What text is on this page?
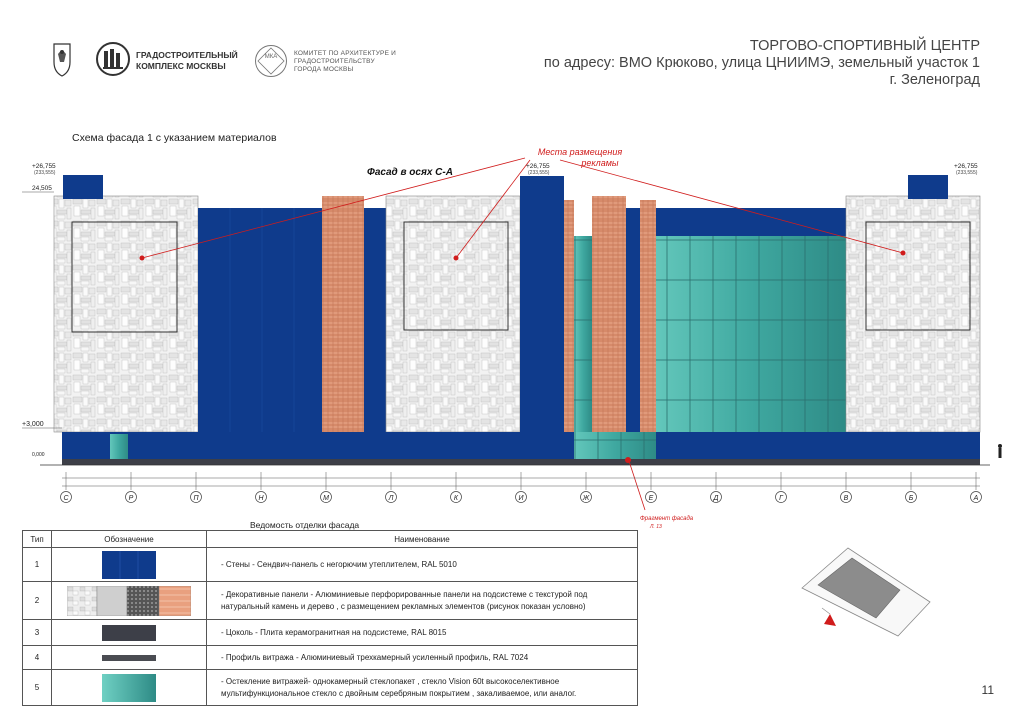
ГРАДОСТРОИТЕЛЬНЫЙ КОМПЛЕКС МОСКВЫ
МКА	КОМИТЕТ ПО АРХИТЕКТУРЕ И ГРАДОСТРОИТЕЛЬСТВУ ГОРОДА МОСКВЫ
ТОРГОВО-СПОРТИВНЫЙ ЦЕНТР
по адресу: ВМО Крюково, улица ЦНИИМЭ, земельный участок 1
г. Зеленоград
Схема фасада 1 с указанием материалов
Места размещения
рекламы
Фасад в осях С-А
+26,755
(233,555)
+26,755
(233,555)
+26,755
(233,555)
24,505
+3,000
0,000
С	Р	П	Н	М	Л	К	И	Ж	Е	Д	Г	В	Б	А
Фрагмент фасада
Л. 13
Ведомость отделки фасада
Тип	Обозначение	Наименование
1		- Стены - Сендвич-панель с негорючим утеплителем, RAL 5010
2		- Декоративные панели - Алюминиевые перфорированные панели на подсистеме с текстурой под натуральный камень и дерево , с размещением рекламных элементов (рисунок показан условно)
3		- Цоколь - Плита керамогранитная на подсистеме, RAL 8015
4		- Профиль витража - Алюминиевый трехкамерный усиленный профиль, RAL 7024
5		- Остекление витражей- однокамерный стеклопакет , стекло Vision 60t высокоселективное мультифункциональное стекло с двойным серебряным покрытием , закаливаемое, или аналог.	11
